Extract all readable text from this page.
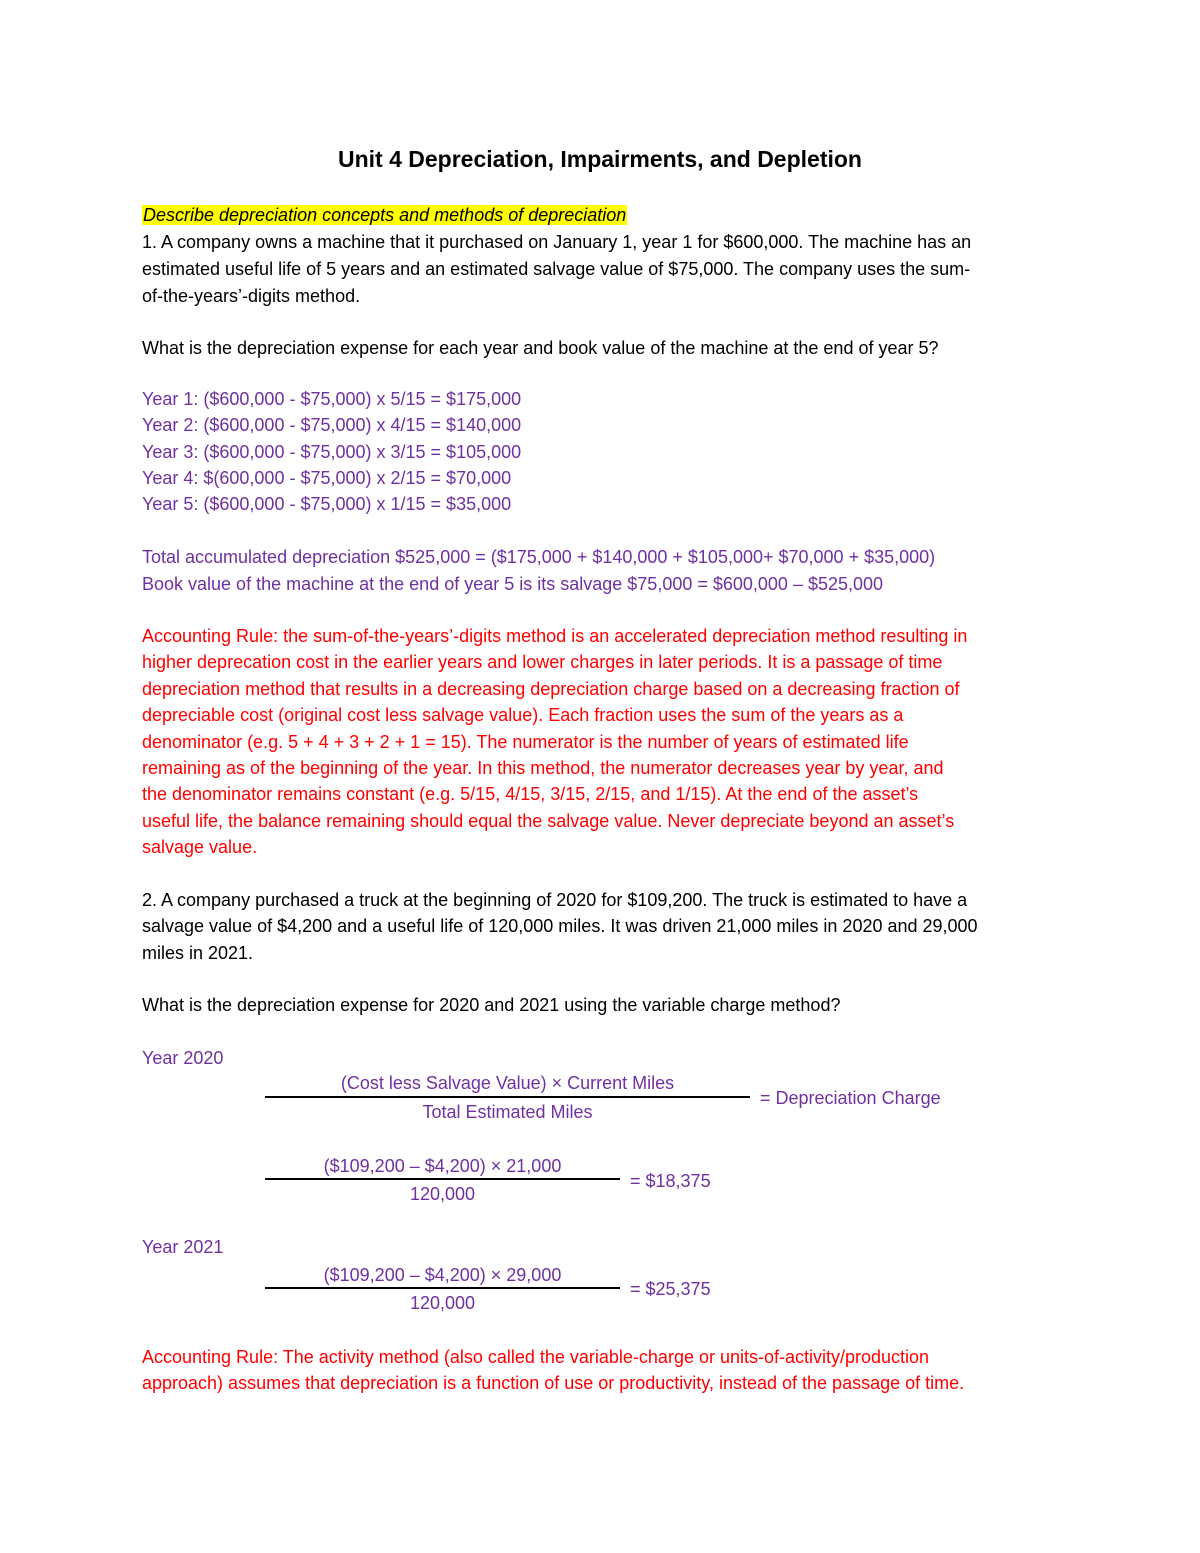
Unit 4 Depreciation, Impairments, and Depletion
Describe depreciation concepts and methods of depreciation
1. A company owns a machine that it purchased on January 1, year 1 for $600,000. The machine has an
estimated useful life of 5 years and an estimated salvage value of $75,000. The company uses the sum-
of-the-years’-digits method.
What is the depreciation expense for each year and book value of the machine at the end of year 5?
Year 1: ($600,000 - $75,000) x 5/15 = $175,000
Year 2: ($600,000 - $75,000) x 4/15 = $140,000
Year 3: ($600,000 - $75,000) x 3/15 = $105,000
Year 4: $(600,000 - $75,000) x 2/15 = $70,000
Year 5: ($600,000 - $75,000) x 1/15 = $35,000
Total accumulated depreciation $525,000 = ($175,000 + $140,000 + $105,000+ $70,000 + $35,000)
Book value of the machine at the end of year 5 is its salvage $75,000 = $600,000 – $525,000
Accounting Rule: the sum-of-the-years’-digits method is an accelerated depreciation method resulting in
higher deprecation cost in the earlier years and lower charges in later periods. It is a passage of time
depreciation method that results in a decreasing depreciation charge based on a decreasing fraction of
depreciable cost (original cost less salvage value). Each fraction uses the sum of the years as a
denominator (e.g. 5 + 4 + 3 + 2 + 1 = 15). The numerator is the number of years of estimated life
remaining as of the beginning of the year. In this method, the numerator decreases year by year, and
the denominator remains constant (e.g. 5/15, 4/15, 3/15, 2/15, and 1/15). At the end of the asset’s
useful life, the balance remaining should equal the salvage value. Never depreciate beyond an asset’s
salvage value.
2. A company purchased a truck at the beginning of 2020 for $109,200. The truck is estimated to have a
salvage value of $4,200 and a useful life of 120,000 miles. It was driven 21,000 miles in 2020 and 29,000
miles in 2021.
What is the depreciation expense for 2020 and 2021 using the variable charge method?
Year 2020
(Cost less Salvage Value) × Current Miles
Total Estimated Miles
= Depreciation Charge
($109,200 – $4,200) × 21,000
120,000
= $18,375
Year 2021
($109,200 – $4,200) × 29,000
120,000
= $25,375
Accounting Rule: The activity method (also called the variable-charge or units-of-activity/production
approach) assumes that depreciation is a function of use or productivity, instead of the passage of time.
